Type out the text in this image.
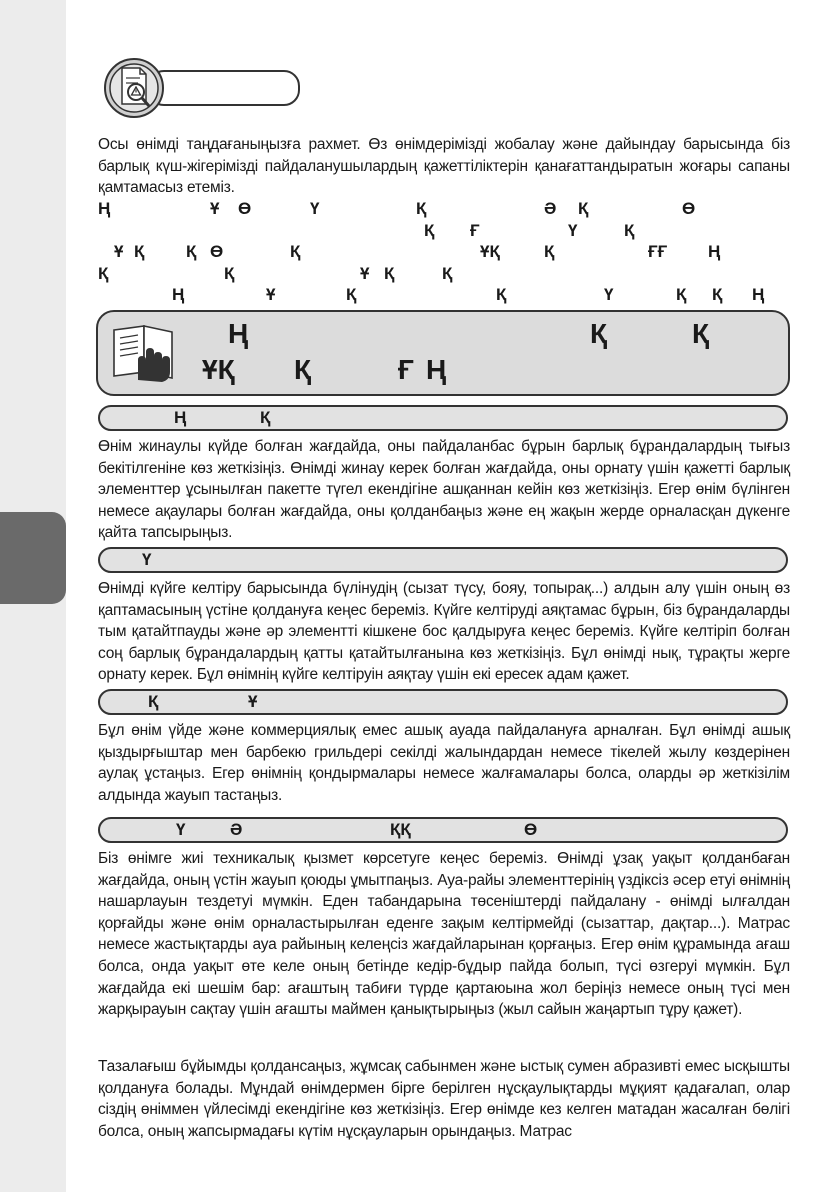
Осы өнімді таңдағаныңызға рахмет. Өз өнімдерімізді жобалау және дайындау барысында біз барлық күш-жігерімізді пайдаланушылардың қажеттіліктерін қанағаттандыратын жоғары сапаны қамтамасыз етеміз.

Ң	Ұ Ө	Ү	Қ	Ә Қ	Ө
Қ Ғ	Ү	Қ
Ұ Қ Қ Ө	Қ	ҰҚ	Қ	ҒҒ Ң
Қ	Қ	Ұ Қ	Қ
Ң	Ұ	Қ	Қ	Ү	Қ Қ Ң
Ң	Қ	Қ
ҰҚ Қ	Ғ Ң
Ң	Қ

Өнім жинаулы күйде болған жағдайда, оны пайдаланбас бұрын барлық бұрандалардың тығыз бекітілгеніне көз жеткізіңіз. Өнімді жинау керек болған жағдайда, оны орнату үшін қажетті барлық элементтер ұсынылған пакетте түгел екендігіне ашқаннан кейін көз жеткізіңіз. Егер өнім бүлінген немесе ақаулары болған жағдайда, оны қолданбаңыз және ең жақын жерде орналасқан дүкенге қайта тапсырыңыз.

Ү

Өнімді күйге келтіру барысында бүлінудің (сызат түсу, бояу, топырақ...) алдын алу үшін оның өз қаптамасының үстіне қолдануға кеңес береміз. Күйге келтіруді аяқтамас бұрын, біз бұрандаларды тым қатайтпауды және әр элементті кішкене бос қалдыруға кеңес береміз. Күйге келтіріп болған соң барлық бұрандалардың қатты қатайтылғанына көз жеткізіңіз. Бұл өнімді нық, тұрақты жерге орнату керек. Бұл өнімнің күйге келтіруін аяқтау үшін екі ересек адам қажет.

Қ	Ұ

Бұл өнім үйде және коммерциялық емес ашық ауада пайдалануға арналған. Бұл өнімді ашық қыздырғыштар мен барбекю грильдері секілді жалындардан немесе тікелей жылу көздерінен аулақ ұстаңыз. Егер өнімнің қондырмалары немесе жалғамалары болса, оларды әр жеткізілім алдында жауып тастаңыз.

Ү	Ә	ҚҚ	Ө

Біз өнімге жиі техникалық қызмет көрсетуге кеңес береміз. Өнімді ұзақ уақыт қолданбаған жағдайда, оның үстін жауып қоюды ұмытпаңыз. Ауа-райы элементтерінің үздіксіз әсер етуі өнімнің нашарлауын тездетуі мүмкін. Еден табандарына төсеніштерді пайдалану - өнімді ылғалдан қорғайды және өнім орналастырылған еденге зақым келтірмейді (сызаттар, дақтар...). Матрас немесе жастықтарды ауа райының келеңсіз жағдайларынан қорғаңыз. Егер өнім құрамында ағаш болса, онда уақыт өте келе оның бетінде кедір-бұдыр пайда болып, түсі өзгеруі мүмкін. Бұл жағдайда екі шешім бар: ағаштың табиғи түрде қартаюына жол беріңіз немесе оның түсі мен жарқырауын сақтау үшін ағашты маймен қанықтырыңыз (жыл сайын жаңартып тұру қажет).

Тазалағыш бұйымды қолдансаңыз, жұмсақ сабынмен және ыстық сумен абразивті емес ысқышты қолдануға болады. Мұндай өнімдермен бірге берілген нұсқаулықтарды мұқият қадағалап, олар сіздің өніммен үйлесімді екендігіне көз жеткізіңіз. Егер өнімде кез келген матадан жасалған бөлігі болса, оның жапсырмадағы күтім нұсқауларын орындаңыз. Матрас
